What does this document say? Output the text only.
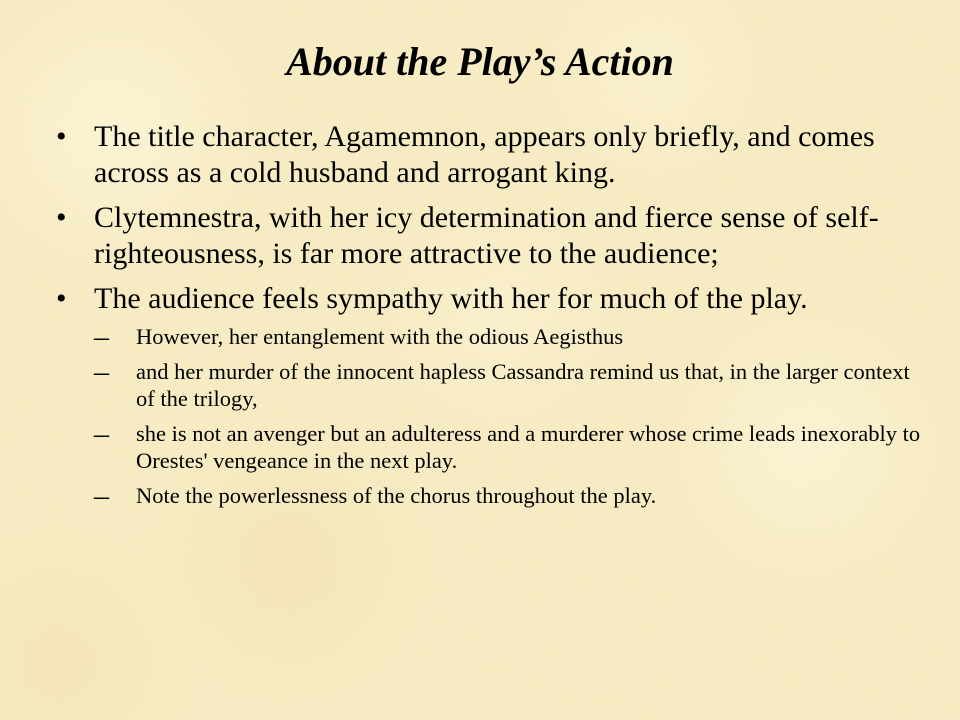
About the Play’s Action
• The title character, Agamemnon, appears only briefly, and comes across as a cold husband and arrogant king.
• Clytemnestra, with her icy determination and fierce sense of self-righteousness, is far more attractive to the audience;
• The audience feels sympathy with her for much of the play.
– However, her entanglement with the odious Aegisthus
– and her murder of the innocent hapless Cassandra remind us that, in the larger context of the trilogy,
– she is not an avenger but an adulteress and a murderer whose crime leads inexorably to Orestes' vengeance in the next play.
– Note the powerlessness of the chorus throughout the play.
